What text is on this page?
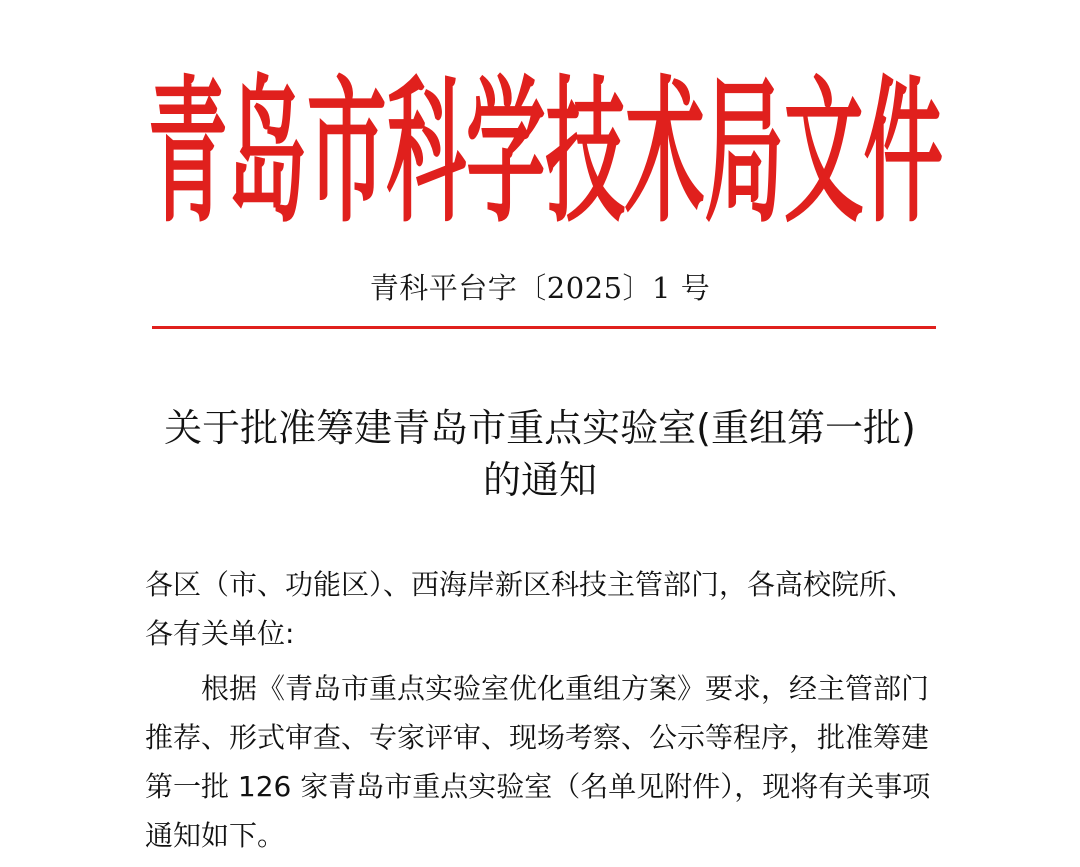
青岛市科学技术局文件
青科平台字〔2025〕1 号
关于批准筹建青岛市重点实验室(重组第一批)
的通知
各区（市、功能区）、西海岸新区科技主管部门，各高校院所、
各有关单位:
根据《青岛市重点实验室优化重组方案》要求，经主管部门
推荐、形式审查、专家评审、现场考察、公示等程序，批准筹建
第一批 126 家青岛市重点实验室（名单见附件），现将有关事项
通知如下。
